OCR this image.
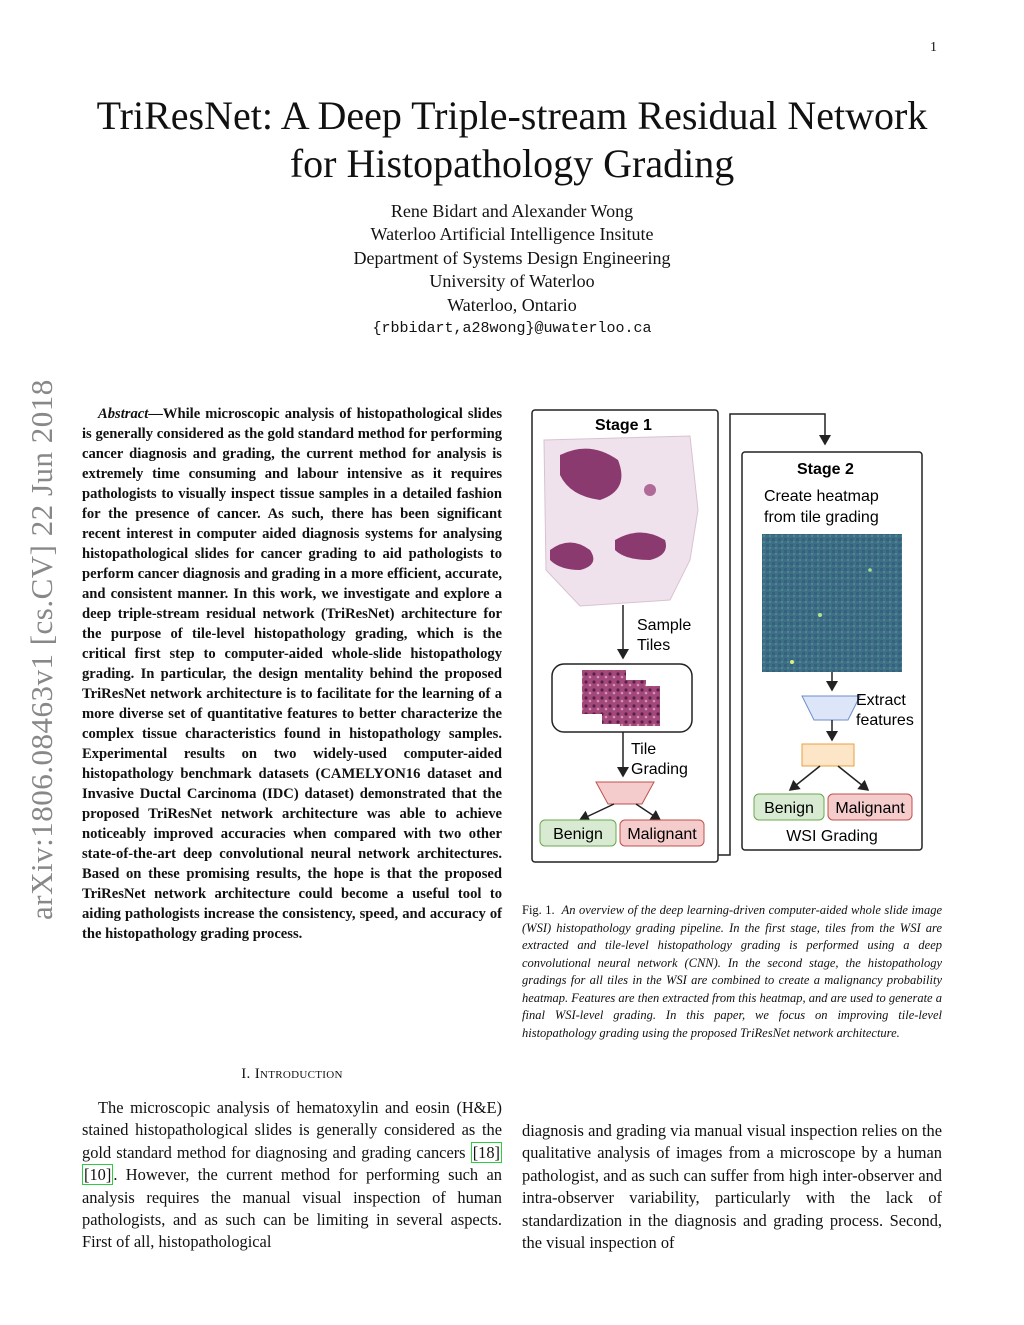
1
TriResNet: A Deep Triple-stream Residual Network
for Histopathology Grading
Rene Bidart and Alexander Wong
Waterloo Artificial Intelligence Insitute
Department of Systems Design Engineering
University of Waterloo
Waterloo, Ontario
{rbbidart,a28wong}@uwaterloo.ca
arXiv:1806.08463v1 [cs.CV] 22 Jun 2018	Abstract—While microscopic analysis of histopathological slides is generally considered as the gold standard method for performing cancer diagnosis and grading, the current method for analysis is extremely time consuming and labour intensive as it requires pathologists to visually inspect tissue samples in a detailed fashion for the presence of cancer. As such, there has been significant recent interest in computer aided diagnosis systems for analysing histopathological slides for cancer grading to aid pathologists to perform cancer diagnosis and grading in a more efficient, accurate, and consistent manner. In this work, we investigate and explore a deep triple-stream residual network (TriResNet) architecture for the purpose of tile-level histopathology grading, which is the critical first step to computer-aided whole-slide histopathology grading. In particular, the design mentality behind the proposed TriResNet network architecture is to facilitate for the learning of a more diverse set of quantitative features to better characterize the complex tissue characteristics found in histopathology samples. Experimental results on two widely-used computer-aided histopathology benchmark datasets (CAMELYON16 dataset and Invasive Ductal Carcinoma (IDC) dataset) demonstrated that the proposed TriResNet network architecture was able to achieve noticeably improved accuracies when compared with two other state-of-the-art deep convolutional neural network architectures. Based on these promising results, the hope is that the proposed TriResNet network architecture could become a useful tool to aiding pathologists increase the consistency, speed, and accuracy of the histopathology grading process.

I. Introduction

The microscopic analysis of hematoxylin and eosin (H&E) stained histopathological slides is generally considered as the gold standard method for diagnosing and grading cancers [18][10] . However, the current method for performing such an analysis requires the manual visual inspection of human pathologists, and as such can be limiting in several aspects. First of all, histopathological

diagnosis and grading via manual visual inspection relies on the qualitative analysis of images from a microscope by a human pathologist, and as such can suffer from high inter-observer and intra-observer variability, particularly with the lack of standardization in the diagnosis and grading process. Second, the visual inspection of

Stage 1
Sample
Tiles
Tile
Grading
Benign Malignant
Stage 2
Create heatmap
from tile grading
Extract
features
Benign Malignant
WSI Grading

Fig. 1. An overview of the deep learning-driven computer-aided whole slide image (WSI) histopathology grading pipeline. In the first stage, tiles from the WSI are extracted and tile-level histopathology grading is performed using a deep convolutional neural network (CNN). In the second stage, the histopathology gradings for all tiles in the WSI are combined to create a malignancy probability heatmap. Features are then extracted from this heatmap, and are used to generate a final WSI-level grading. In this paper, we focus on improving tile-level histopathology grading using the proposed TriResNet network architecture.
